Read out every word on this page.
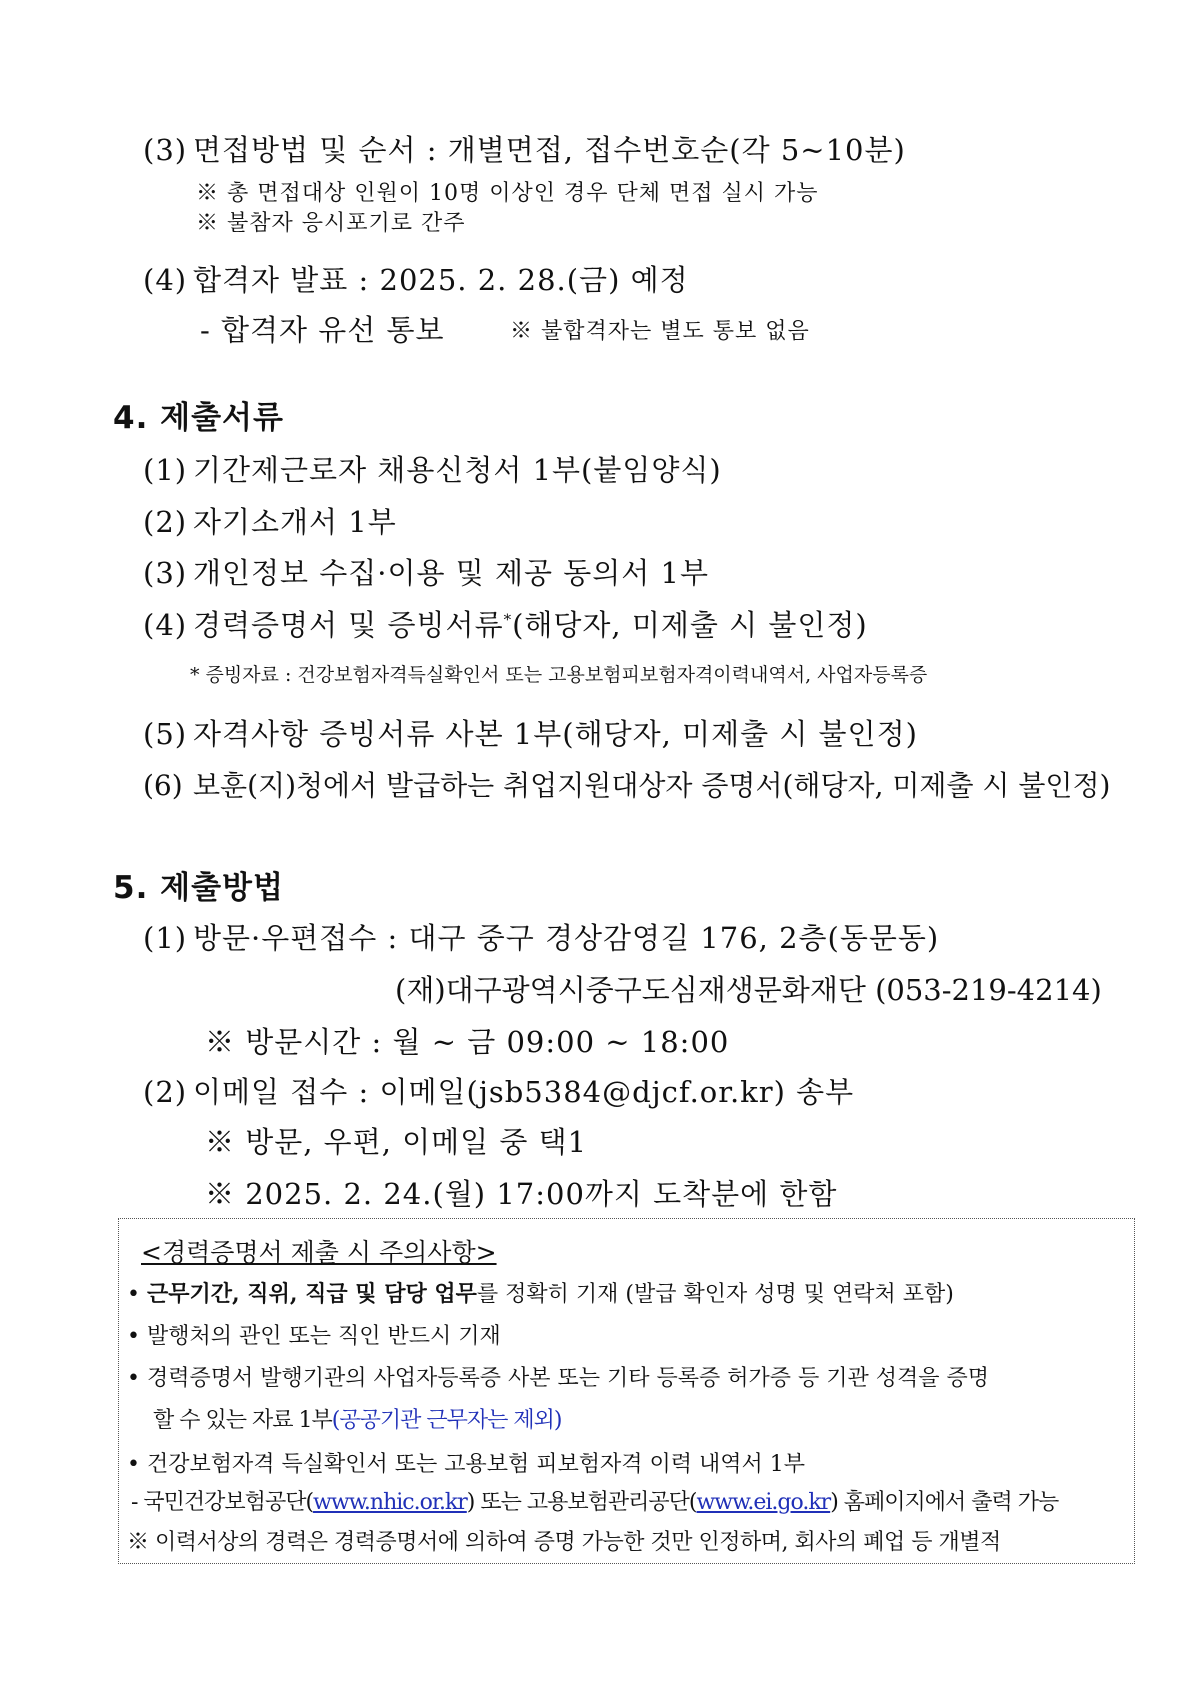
(3) 면접방법 및 순서 : 개별면접, 접수번호순(각 5~10분)
※ 총 면접대상 인원이 10명 이상인 경우 단체 면접 실시 가능
※ 불참자 응시포기로 간주
(4) 합격자 발표 : 2025. 2. 28.(금) 예정
- 합격자 유선 통보	※ 불합격자는 별도 통보 없음
4. 제출서류
(1) 기간제근로자 채용신청서 1부(붙임양식)
(2) 자기소개서 1부
(3) 개인정보 수집·이용 및 제공 동의서 1부
(4) 경력증명서 및 증빙서류*(해당자, 미제출 시 불인정)
* 증빙자료 : 건강보험자격득실확인서 또는 고용보험피보험자격이력내역서, 사업자등록증
(5) 자격사항 증빙서류 사본 1부(해당자, 미제출 시 불인정)
(6) 보훈(지)청에서 발급하는 취업지원대상자 증명서(해당자, 미제출 시 불인정)
5. 제출방법
(1) 방문·우편접수 : 대구 중구 경상감영길 176, 2층(동문동)
(재)대구광역시중구도심재생문화재단 (053-219-4214)
※ 방문시간 : 월 ~ 금 09:00 ~ 18:00
(2) 이메일 접수 : 이메일(jsb5384@djcf.or.kr) 송부
※ 방문, 우편, 이메일 중 택1
※ 2025. 2. 24.(월) 17:00까지 도착분에 한함
<경력증명서 제출 시 주의사항>
• 근무기간, 직위, 직급 및 담당 업무를 정확히 기재 (발급 확인자 성명 및 연락처 포함)
• 발행처의 관인 또는 직인 반드시 기재
• 경력증명서 발행기관의 사업자등록증 사본 또는 기타 등록증 허가증 등 기관 성격을 증명
할 수 있는 자료 1부(공공기관 근무자는 제외)
• 건강보험자격 득실확인서 또는 고용보험 피보험자격 이력 내역서 1부
- 국민건강보험공단(www.nhic.or.kr) 또는 고용보험관리공단(www.ei.go.kr) 홈페이지에서 출력 가능
※ 이력서상의 경력은 경력증명서에 의하여 증명 가능한 것만 인정하며, 회사의 폐업 등 개별적
